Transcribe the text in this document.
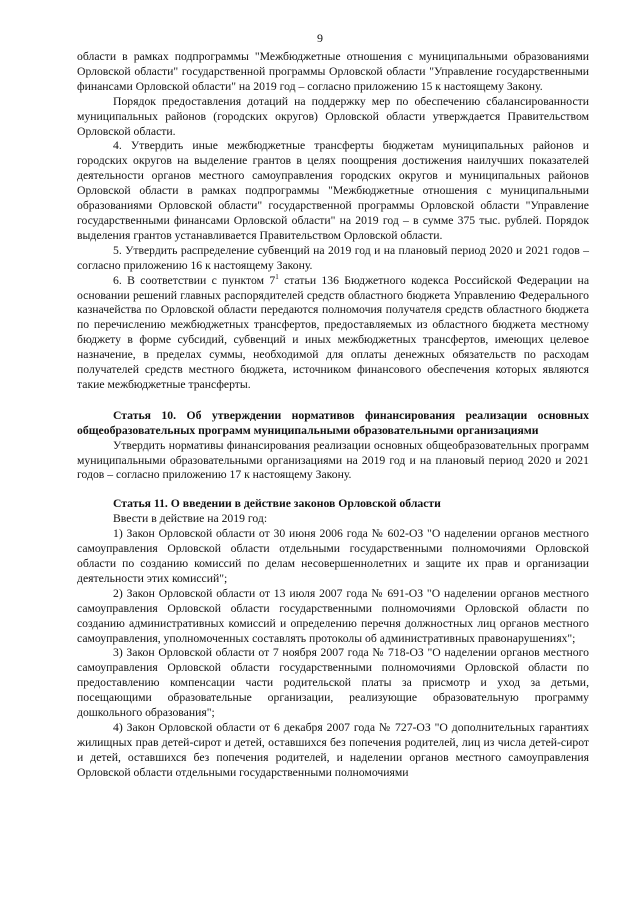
9

области в рамках подпрограммы "Межбюджетные отношения с муниципальными образованиями Орловской области" государственной программы Орловской области "Управление государственными финансами Орловской области" на 2019 год – согласно приложению 15 к настоящему Закону.

Порядок предоставления дотаций на поддержку мер по обеспечению сбалансированности муниципальных районов (городских округов) Орловской области утверждается Правительством Орловской области.

4. Утвердить иные межбюджетные трансферты бюджетам муниципальных районов и городских округов на выделение грантов в целях поощрения достижения наилучших показателей деятельности органов местного самоуправления городских округов и муниципальных районов Орловской области в рамках подпрограммы "Межбюджетные отношения с муниципальными образованиями Орловской области" государственной программы Орловской области "Управление государственными финансами Орловской области" на 2019 год – в сумме 375 тыс. рублей. Порядок выделения грантов устанавливается Правительством Орловской области.

5. Утвердить распределение субвенций на 2019 год и на плановый период 2020 и 2021 годов – согласно приложению 16 к настоящему Закону.

6. В соответствии с пунктом $7^1$ статьи 136 Бюджетного кодекса Российской Федерации на основании решений главных распорядителей средств областного бюджета Управлению Федерального казначейства по Орловской области передаются полномочия получателя средств областного бюджета по перечислению межбюджетных трансфертов, предоставляемых из областного бюджета местному бюджету в форме субсидий, субвенций и иных межбюджетных трансфертов, имеющих целевое назначение, в пределах суммы, необходимой для оплаты денежных обязательств по расходам получателей средств местного бюджета, источником финансового обеспечения которых являются такие межбюджетные трансферты.

Статья 10. Об утверждении нормативов финансирования реализации основных общеобразовательных программ муниципальными образовательными организациями

Утвердить нормативы финансирования реализации основных общеобразовательных программ муниципальными образовательными организациями на 2019 год и на плановый период 2020 и 2021 годов – согласно приложению 17 к настоящему Закону.

Статья 11. О введении в действие законов Орловской области

Ввести в действие на 2019 год:

1) Закон Орловской области от 30 июня 2006 года № 602-ОЗ "О наделении органов местного самоуправления Орловской области отдельными государственными полномочиями Орловской области по созданию комиссий по делам несовершеннолетних и защите их прав и организации деятельности этих комиссий";

2) Закон Орловской области от 13 июля 2007 года № 691-ОЗ "О наделении органов местного самоуправления Орловской области государственными полномочиями Орловской области по созданию административных комиссий и определению перечня должностных лиц органов местного самоуправления, уполномоченных составлять протоколы об административных правонарушениях";

3) Закон Орловской области от 7 ноября 2007 года № 718-ОЗ "О наделении органов местного самоуправления Орловской области государственными полномочиями Орловской области по предоставлению компенсации части родительской платы за присмотр и уход за детьми, посещающими образовательные организации, реализующие образовательную программу дошкольного образования";

4) Закон Орловской области от 6 декабря 2007 года № 727-ОЗ "О дополнительных гарантиях жилищных прав детей-сирот и детей, оставшихся без попечения родителей, лиц из числа детей-сирот и детей, оставшихся без попечения родителей, и наделении органов местного самоуправления Орловской области отдельными государственными полномочиями
